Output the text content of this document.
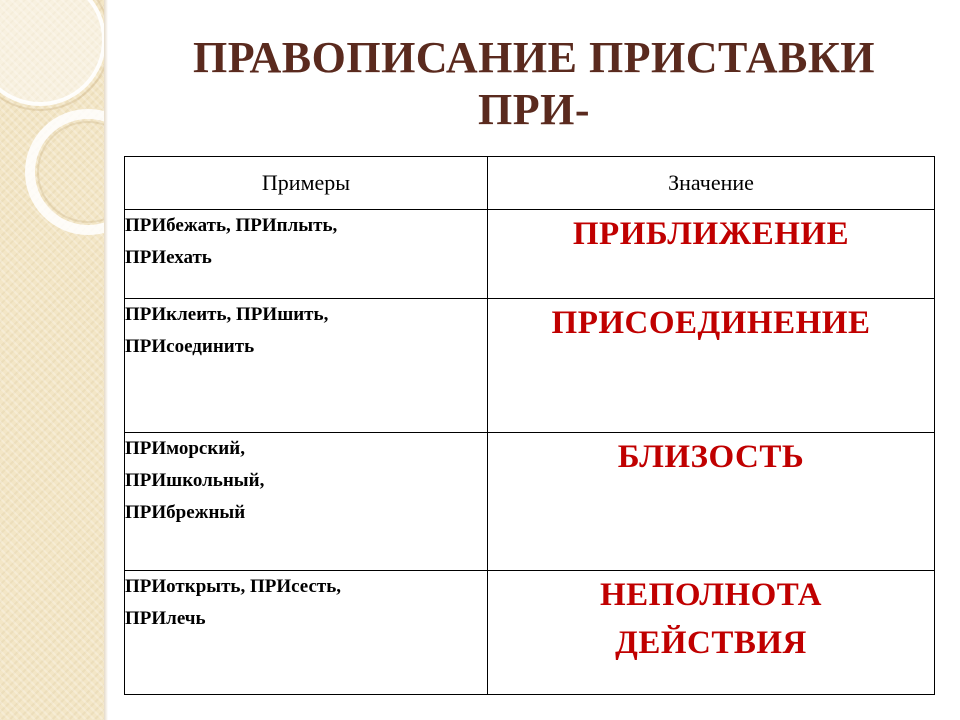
ПРАВОПИСАНИЕ ПРИСТАВКИ
ПРИ-
Примеры	Значение

ПРИбежать, ПРИплыть,
ПРИехать	ПРИБЛИЖЕНИЕ

ПРИклеить, ПРИшить,
ПРИсоединить	ПРИСОЕДИНЕНИЕ

ПРИморский,
ПРИшкольный,
ПРИбрежный	БЛИЗОСТЬ

ПРИоткрыть, ПРИсесть,
ПРИлечь	НЕПОЛНОТА
ДЕЙСТВИЯ
